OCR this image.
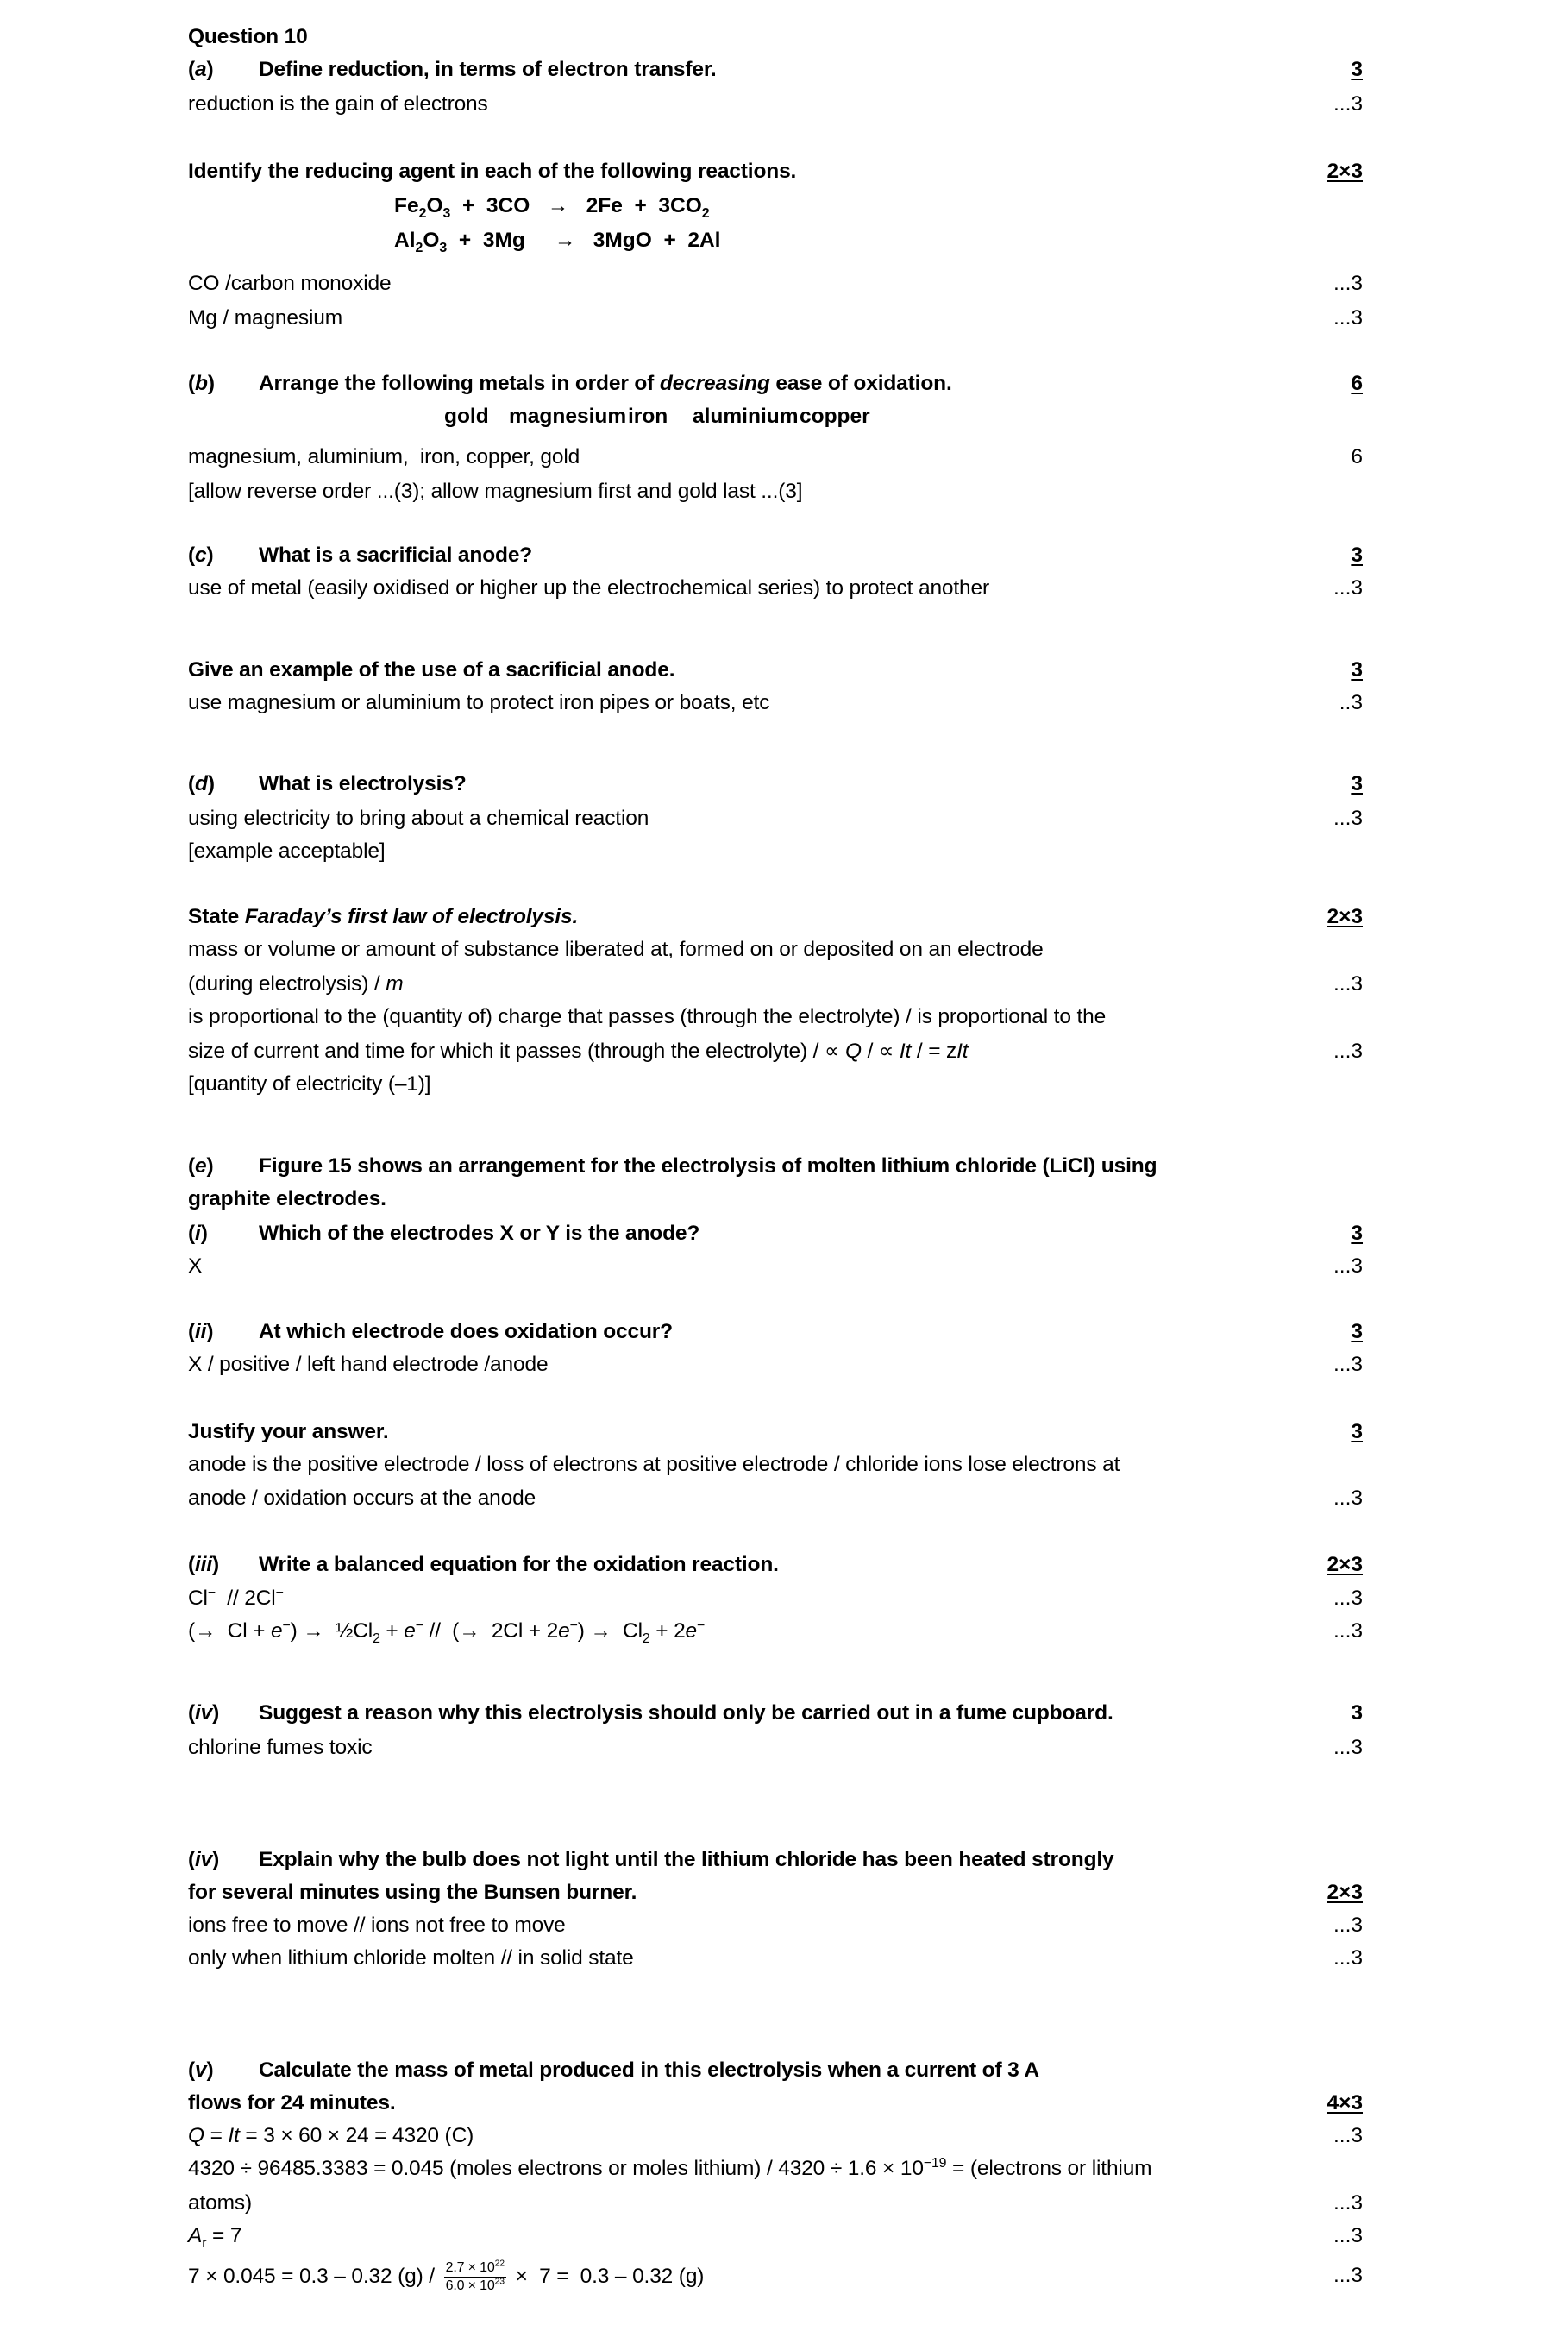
Question 10
(a) Define reduction, in terms of electron transfer.	3
reduction is the gain of electrons	...3
Identify the reducing agent in each of the following reactions.	2×3
$Fe_2O_3 + 3CO \to 2Fe + 3CO_2$
$Al_2O_3 + 3Mg$     →   3MgO  +  2Al
CO /carbon monoxide	...3
Mg / magnesium	...3
(b) Arrange the following metals in order of decreasing ease of oxidation.	6
gold magnesium iron aluminium copper
magnesium, aluminium,  iron, copper, gold	6
[allow reverse order ...(3); allow magnesium first and gold last ...(3]
(c) What is a sacrificial anode?	3
use of metal (easily oxidised or higher up the electrochemical series) to protect another	...3
Give an example of the use of a sacrificial anode.	3
use magnesium or aluminium to protect iron pipes or boats, etc	..3
(d) What is electrolysis?	3
using electricity to bring about a chemical reaction	...3
[example acceptable]
State Faraday’s first law of electrolysis.	2×3
mass or volume or amount of substance liberated at, formed on or deposited on an electrode
(during electrolysis) / m	...3
is proportional to the (quantity of) charge that passes (through the electrolyte) / is proportional to the
size of current and time for which it passes (through the electrolyte) / ∝ Q / ∝ It / = zIt	...3
[quantity of electricity (–1)]
(e) Figure 15 shows an arrangement for the electrolysis of molten lithium chloride (LiCl) using
graphite electrodes.
(i) Which of the electrodes X or Y is the anode?	3
X	...3
(ii) At which electrode does oxidation occur?	3
X / positive / left hand electrode /anode	...3
Justify your answer.	3
anode is the positive electrode / loss of electrons at positive electrode / chloride ions lose electrons at
anode / oxidation occurs at the anode	...3
(iii) Write a balanced equation for the oxidation reaction.	2×3
Cl−  // 2Cl−	...3
(→  $Cl + e^-) \to \frac{1}{2}Cl_2 + e^-$ //  (→  $2Cl + 2e^-) \to Cl_2 + 2e^-$	...3
(iv) Suggest a reason why this electrolysis should only be carried out in a fume cupboard.	3
chlorine fumes toxic	...3
(iv) Explain why the bulb does not light until the lithium chloride has been heated strongly
for several minutes using the Bunsen burner.	2×3
ions free to move // ions not free to move	...3
only when lithium chloride molten // in solid state	...3
(v) Calculate the mass of metal produced in this electrolysis when a current of 3 A
flows for 24 minutes.	4×3
Q = It = 3 × 60 × 24 = 4320 (C)	...3
4320 ÷ 96485.3383 = 0.045 (moles electrons or moles lithium) / $4320 \div 1.6 \times 10^{-19}$ = (electrons or lithium
atoms)	...3
$A_r = 7$	...3
7 × 0.045 = 0.3 – 0.32 $(g) / \frac{2.7 \times 10^{22}}{6.0 \times 10^{23}} \times 7 = 0.3 - 0.32$ (g)	...3
